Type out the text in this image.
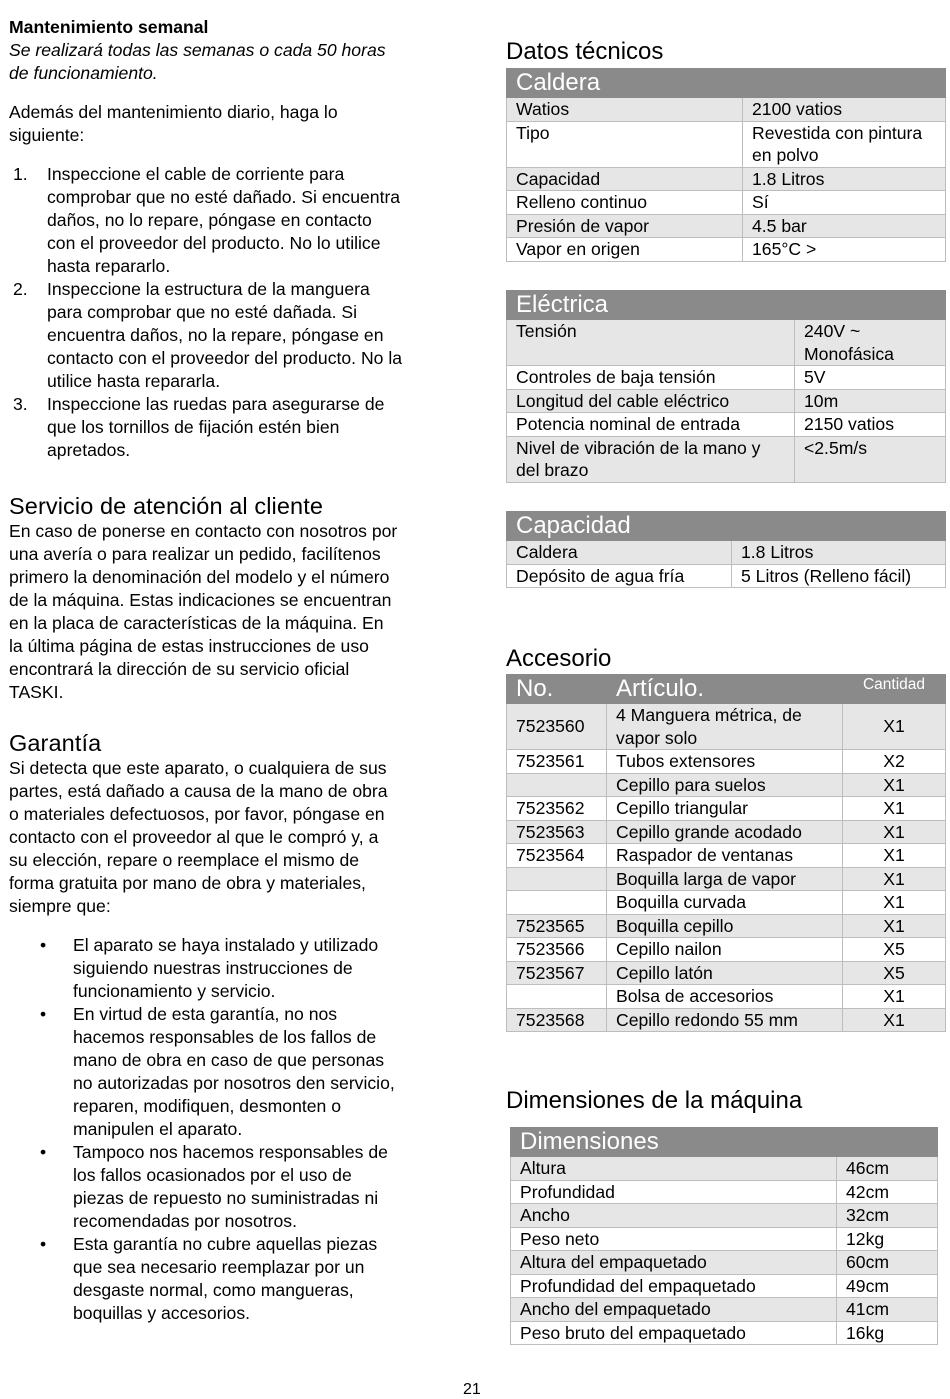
Mantenimiento semanal
Se realizará todas las semanas o cada 50 horas
de funcionamiento.
Además del mantenimiento diario, haga lo
siguiente:
1.	Inspeccione el cable de corriente para
comprobar que no esté dañado. Si encuentra
daños, no lo repare, póngase en contacto
con el proveedor del producto. No lo utilice
hasta repararlo.
2.	Inspeccione la estructura de la manguera
para comprobar que no esté dañada. Si
encuentra daños, no la repare, póngase en
contacto con el proveedor del producto. No la
utilice hasta repararla.
3.	Inspeccione las ruedas para asegurarse de
que los tornillos de fijación estén bien
apretados.
Servicio de atención al cliente
En caso de ponerse en contacto con nosotros por
una avería o para realizar un pedido, facilítenos
primero la denominación del modelo y el número
de la máquina. Estas indicaciones se encuentran
en la placa de características de la máquina. En
la última página de estas instrucciones de uso
encontrará la dirección de su servicio oficial
TASKI.
Garantía
Si detecta que este aparato, o cualquiera de sus
partes, está dañado a causa de la mano de obra
o materiales defectuosos, por favor, póngase en
contacto con el proveedor al que le compró y, a
su elección, repare o reemplace el mismo de
forma gratuita por mano de obra y materiales,
siempre que:
• El aparato se haya instalado y utilizado
siguiendo nuestras instrucciones de
funcionamiento y servicio.
• En virtud de esta garantía, no nos
hacemos responsables de los fallos de
mano de obra en caso de que personas
no autorizadas por nosotros den servicio,
reparen, modifiquen, desmonten o
manipulen el aparato.
• Tampoco nos hacemos responsables de
los fallos ocasionados por el uso de
piezas de repuesto no suministradas ni
recomendadas por nosotros.
• Esta garantía no cubre aquellas piezas
que sea necesario reemplazar por un
desgaste normal, como mangueras,
boquillas y accesorios.
Datos técnicos
Caldera	
Watios	2100 vatios
Tipo	Revestida con pintura en polvo
Capacidad	1.8 Litros
Relleno continuo	Sí
Presión de vapor	4.5 bar
Vapor en origen	165°C >
Eléctrica	
Tensión	240V ~ Monofásica
Controles de baja tensión	5V
Longitud del cable eléctrico	10m
Potencia nominal de entrada	2150 vatios
Nivel de vibración de la mano y del brazo	<2.5m/s
Capacidad	
Caldera	1.8 Litros
Depósito de agua fría	5 Litros (Relleno fácil)
Accesorio
No.	Artículo.	Cantidad
7523560	4 Manguera métrica, de vapor solo	X1
7523561	Tubos extensores	X2
	Cepillo para suelos	X1
7523562	Cepillo triangular	X1
7523563	Cepillo grande acodado	X1
7523564	Raspador de ventanas	X1
	Boquilla larga de vapor	X1
	Boquilla curvada	X1
7523565	Boquilla cepillo	X1
7523566	Cepillo nailon	X5
7523567	Cepillo latón	X5
	Bolsa de accesorios	X1
7523568	Cepillo redondo 55 mm	X1
Dimensiones de la máquina
Dimensiones	
Altura	46cm
Profundidad	42cm
Ancho	32cm
Peso neto	12kg
Altura del empaquetado	60cm
Profundidad del empaquetado	49cm
Ancho del empaquetado	41cm
Peso bruto del empaquetado	16kg
21
